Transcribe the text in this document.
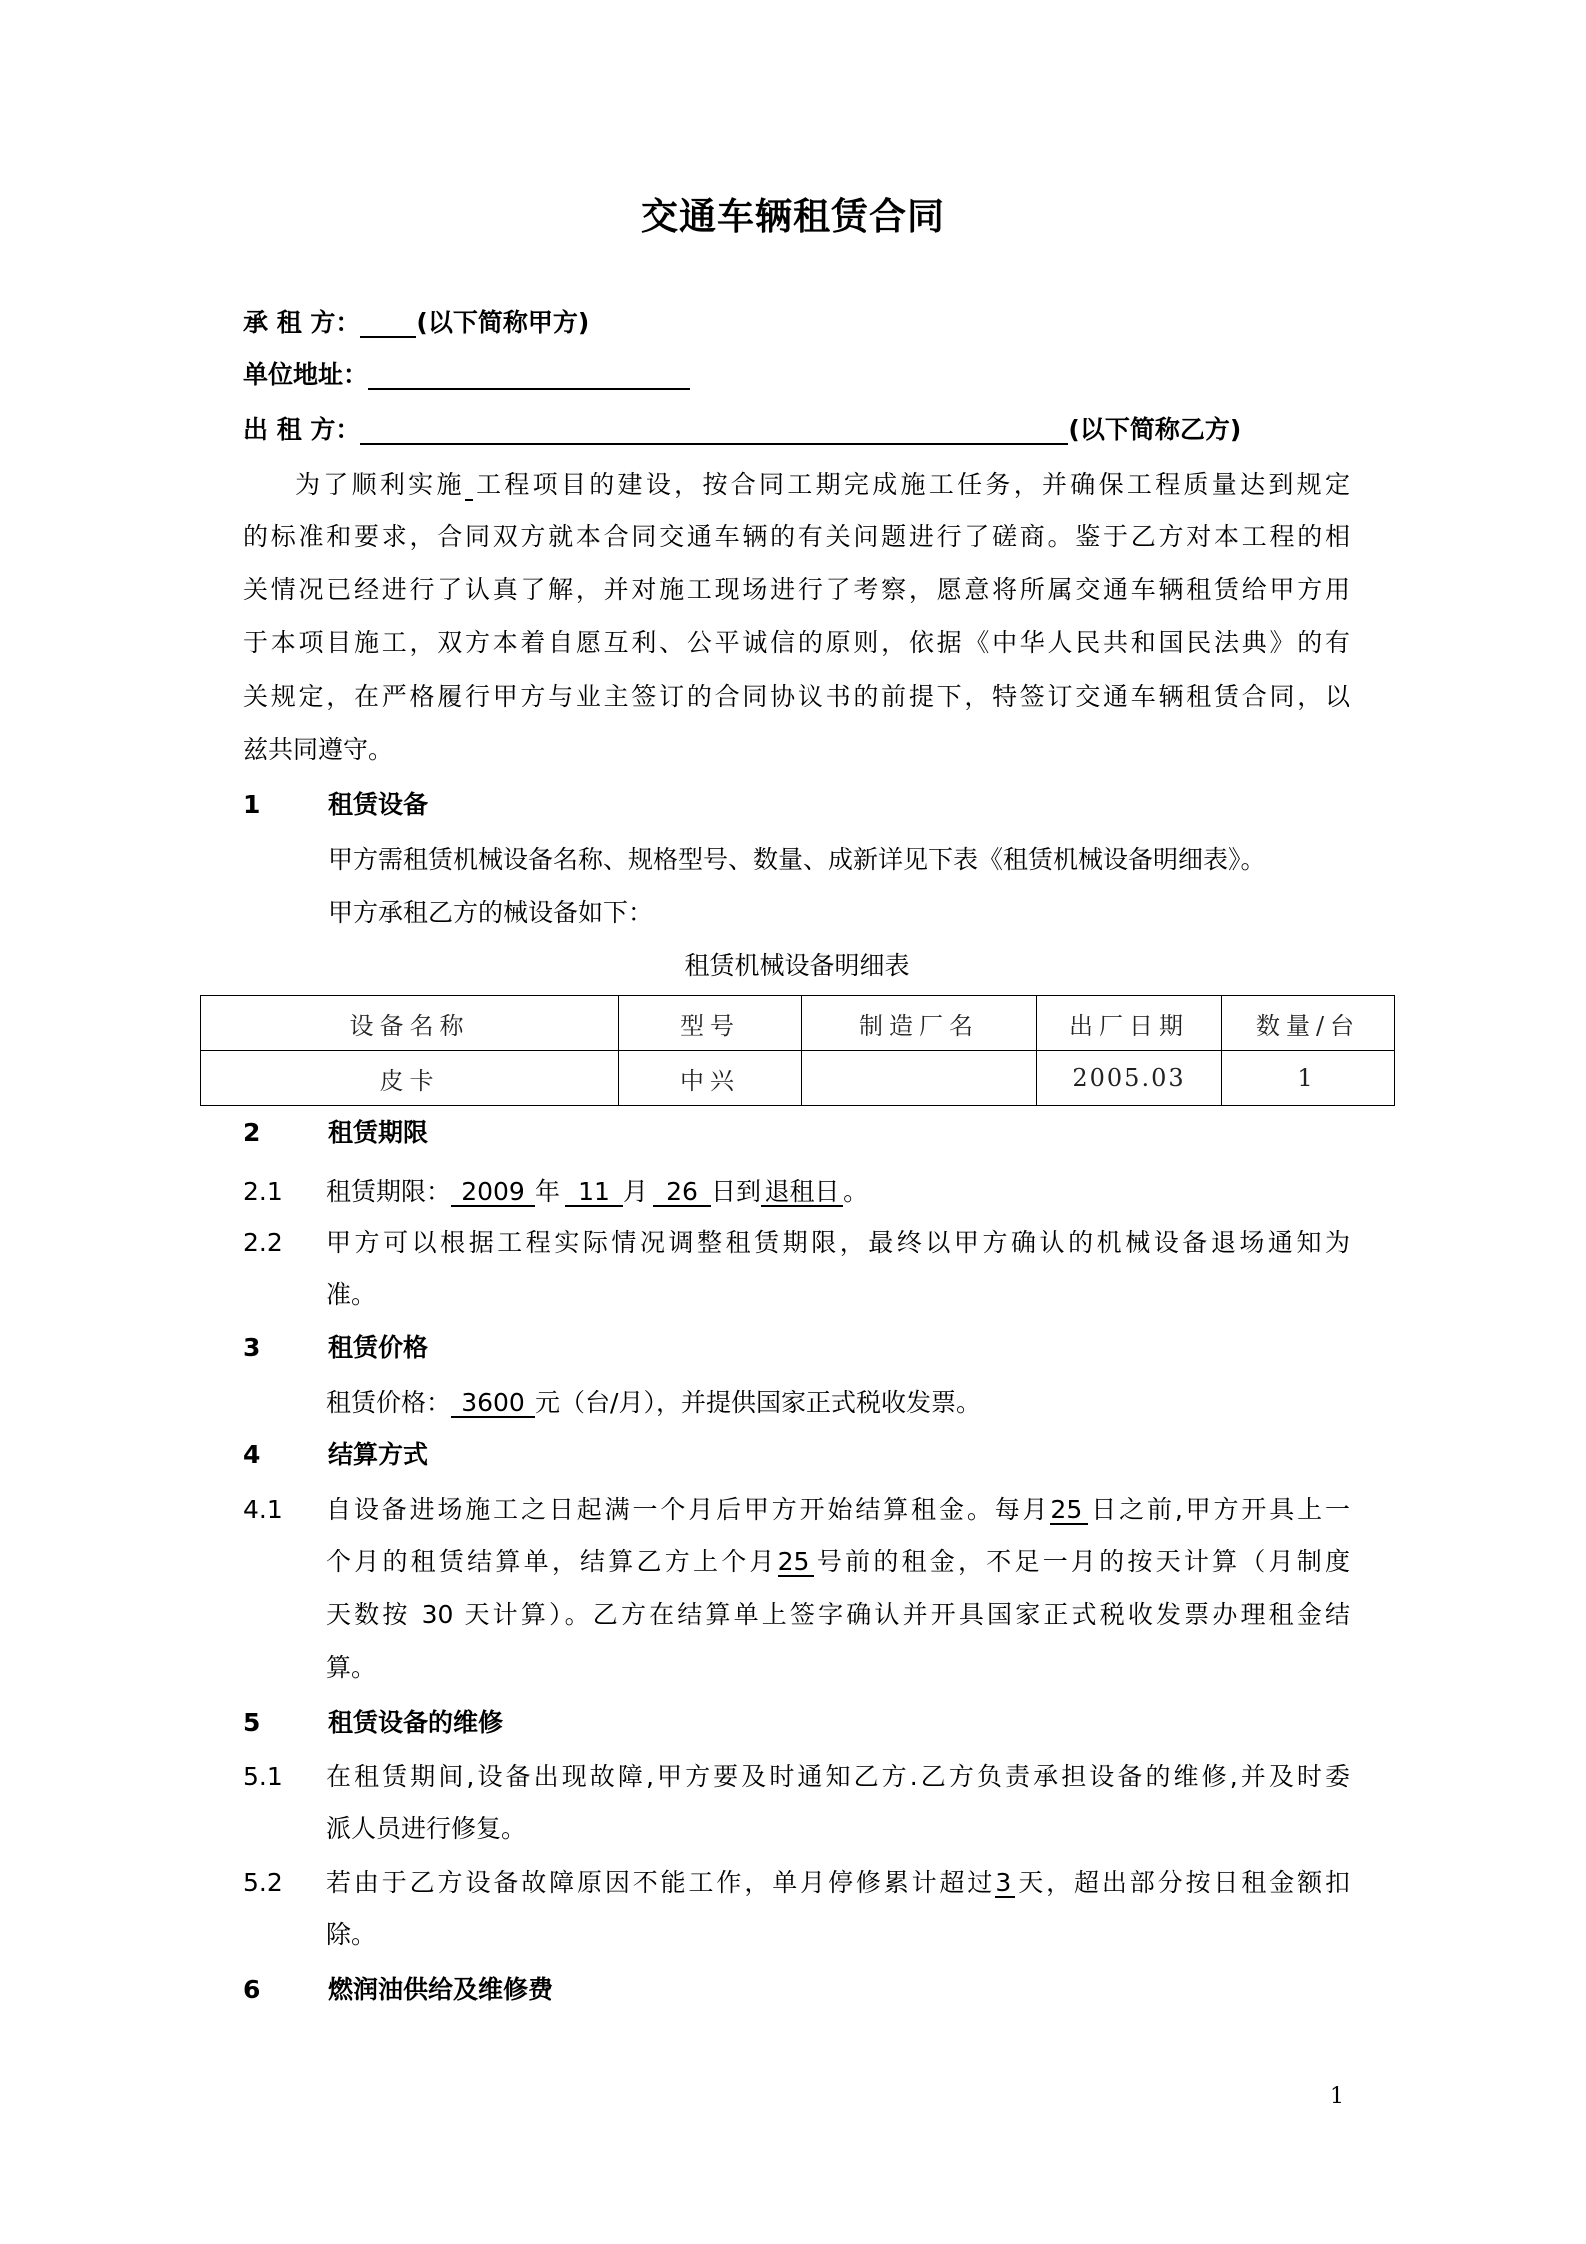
交通车辆租赁合同
承 租 方： (以下简称甲方)
单位地址：
出 租 方：	(以下简称乙方)
为了顺利实施 工程项目的建设，按合同工期完成施工任务，并确保工程质量达到规定
的标准和要求，合同双方就本合同交通车辆的有关问题进行了磋商。鉴于乙方对本工程的相
关情况已经进行了认真了解，并对施工现场进行了考察，愿意将所属交通车辆租赁给甲方用
于本项目施工，双方本着自愿互利、公平诚信的原则，依据《中华人民共和国民法典》的有
关规定，在严格履行甲方与业主签订的合同协议书的前提下，特签订交通车辆租赁合同，以
兹共同遵守。
1	租赁设备
甲方需租赁机械设备名称、规格型号、数量、成新详见下表《租赁机械设备明细表》。
甲方承租乙方的械设备如下：
租赁机械设备明细表
设备名称	型号	制造厂名	出厂日期	数量/台
皮卡	中兴		2005.03	1
2	租赁期限
2.1 租赁期限： 2009 年 11 月 26 日到 退租日 。
2.2 甲方可以根据工程实际情况调整租赁期限，最终以甲方确认的机械设备退场通知为
准。
3	租赁价格
租赁价格： 3600 元（台/月），并提供国家正式税收发票。
4	结算方式
4.1 自设备进场施工之日起满一个月后甲方开始结算租金。每月25 日之前,甲方开具上一
个月的租赁结算单，结算乙方上个月25 号前的租金，不足一月的按天计算（月制度
天数按 30 天计算）。乙方在结算单上签字确认并开具国家正式税收发票办理租金结
算。
5	租赁设备的维修
5.1 在租赁期间,设备出现故障,甲方要及时通知乙方.乙方负责承担设备的维修,并及时委
派人员进行修复。
5.2 若由于乙方设备故障原因不能工作，单月停修累计超过3 天，超出部分按日租金额扣
除。
6	燃润油供给及维修费
1
